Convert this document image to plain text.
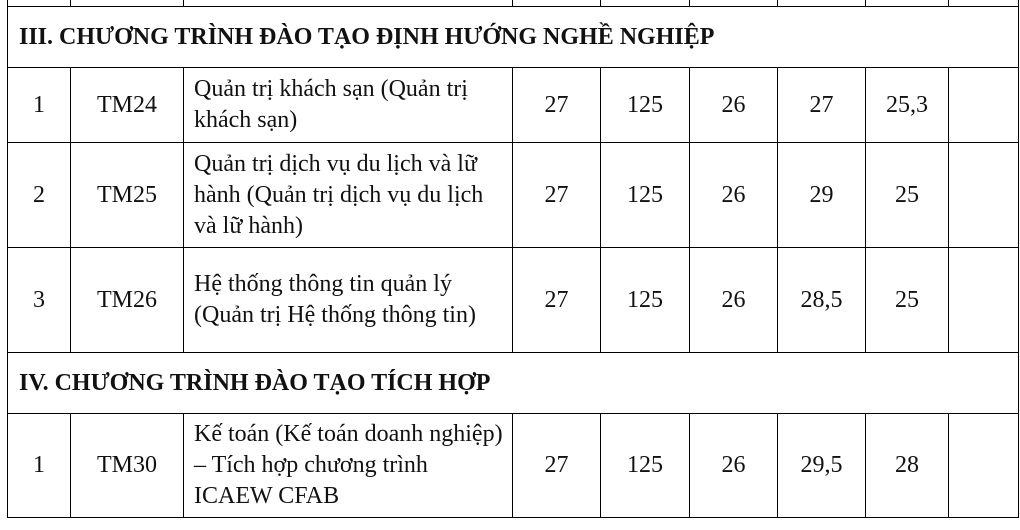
III. CHƯƠNG TRÌNH ĐÀO TẠO ĐỊNH HƯỚNG NGHỀ NGHIỆP								
1	TM24	Quản trị khách sạn (Quản trị khách sạn)	27	125	26	27	25,3	
2	TM25	Quản trị dịch vụ du lịch và lữ hành (Quản trị dịch vụ du lịch và lữ hành)	27	125	26	29	25	
3	TM26	Hệ thống thông tin quản lý (Quản trị Hệ thống thông tin)	27	125	26	28,5	25	
IV. CHƯƠNG TRÌNH ĐÀO TẠO TÍCH HỢP								
1	TM30	Kế toán (Kế toán doanh nghiệp) – Tích hợp chương trình ICAEW CFAB	27	125	26	29,5	28	
